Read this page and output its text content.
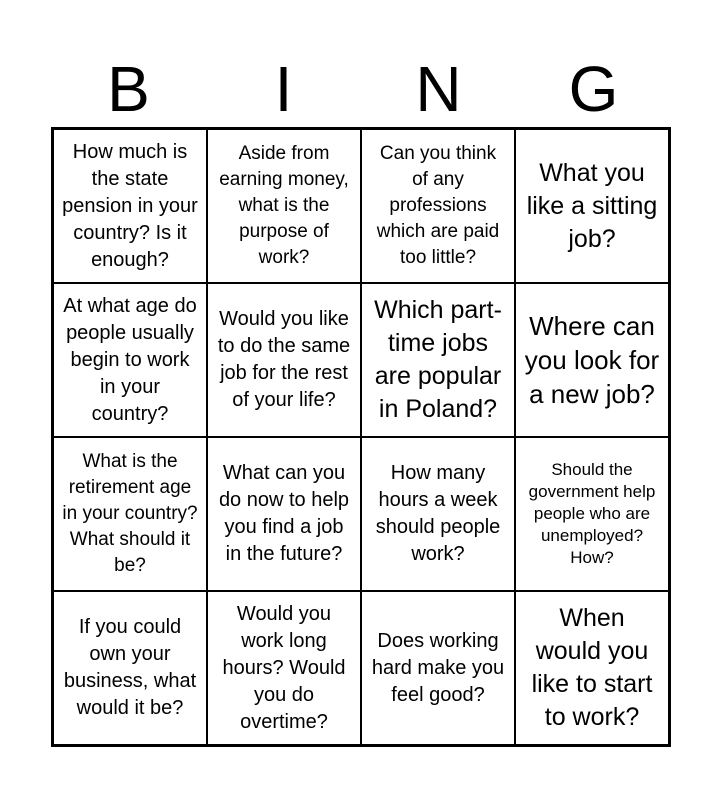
B	I	N	G
How much is the state pension in your country? Is it enough?
Aside from earning money, what is the purpose of work?
Can you think of any professions which are paid too little?
What you like a sitting job?
At what age do people usually begin to work in your country?
Would you like to do the same job for the rest of your life?
Which part-time jobs are popular in Poland?
Where can you look for a new job?
What is the retirement age in your country? What should it be?
What can you do now to help you find a job in the future?
How many hours a week should people work?
Should the government help people who are unemployed? How?
If you could own your business, what would it be?
Would you work long hours? Would you do overtime?
Does working hard make you feel good?
When would you like to start to work?
